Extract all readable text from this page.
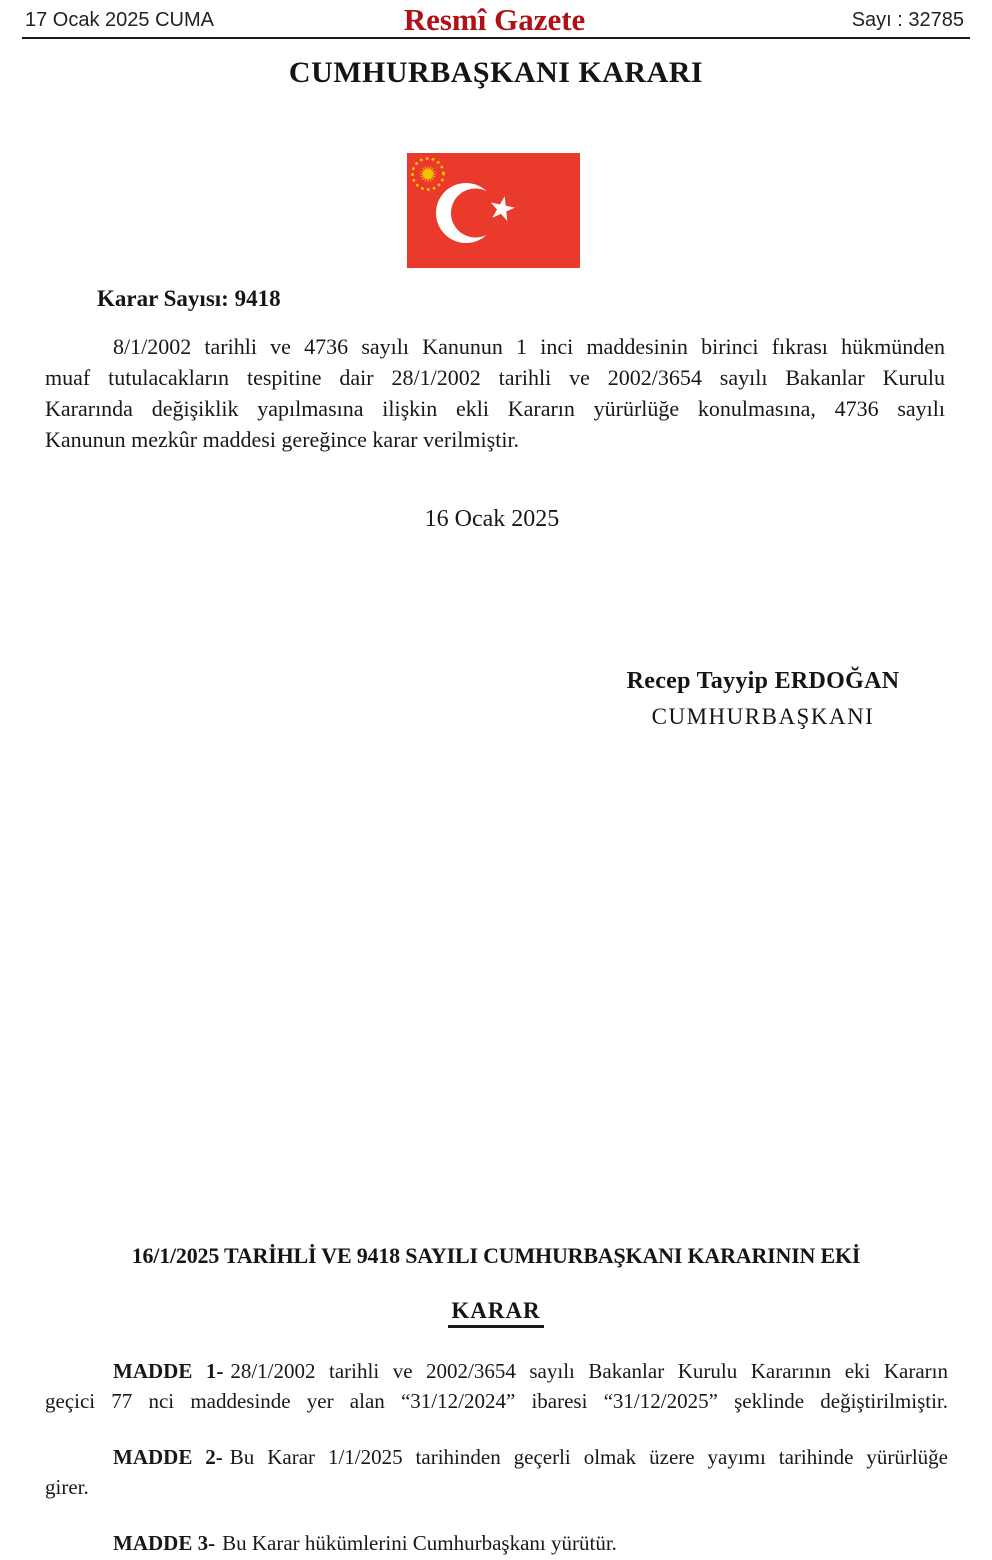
17 Ocak 2025 CUMA	Resmî Gazete	Sayı : 32785
CUMHURBAŞKANI KARARI
Karar Sayısı: 9418
8/1/2002 tarihli ve 4736 sayılı Kanunun 1 inci maddesinin birinci fıkrası hükmünden
muaf tutulacakların tespitine dair 28/1/2002 tarihli ve 2002/3654 sayılı Bakanlar Kurulu
Kararında değişiklik yapılmasına ilişkin ekli Kararın yürürlüğe konulmasına, 4736 sayılı
Kanunun mezkûr maddesi gereğince karar verilmiştir.
16 Ocak 2025
Recep Tayyip ERDOĞAN
CUMHURBAŞKANI
16/1/2025 TARİHLİ VE 9418 SAYILI CUMHURBAŞKANI KARARININ EKİ
KARAR
MADDE 1- 28/1/2002 tarihli ve 2002/3654 sayılı Bakanlar Kurulu Kararının eki Kararın
geçici 77 nci maddesinde yer alan “31/12/2024” ibaresi “31/12/2025” şeklinde değiştirilmiştir.
MADDE 2- Bu Karar 1/1/2025 tarihinden geçerli olmak üzere yayımı tarihinde yürürlüğe
girer.
MADDE 3- Bu Karar hükümlerini Cumhurbaşkanı yürütür.
